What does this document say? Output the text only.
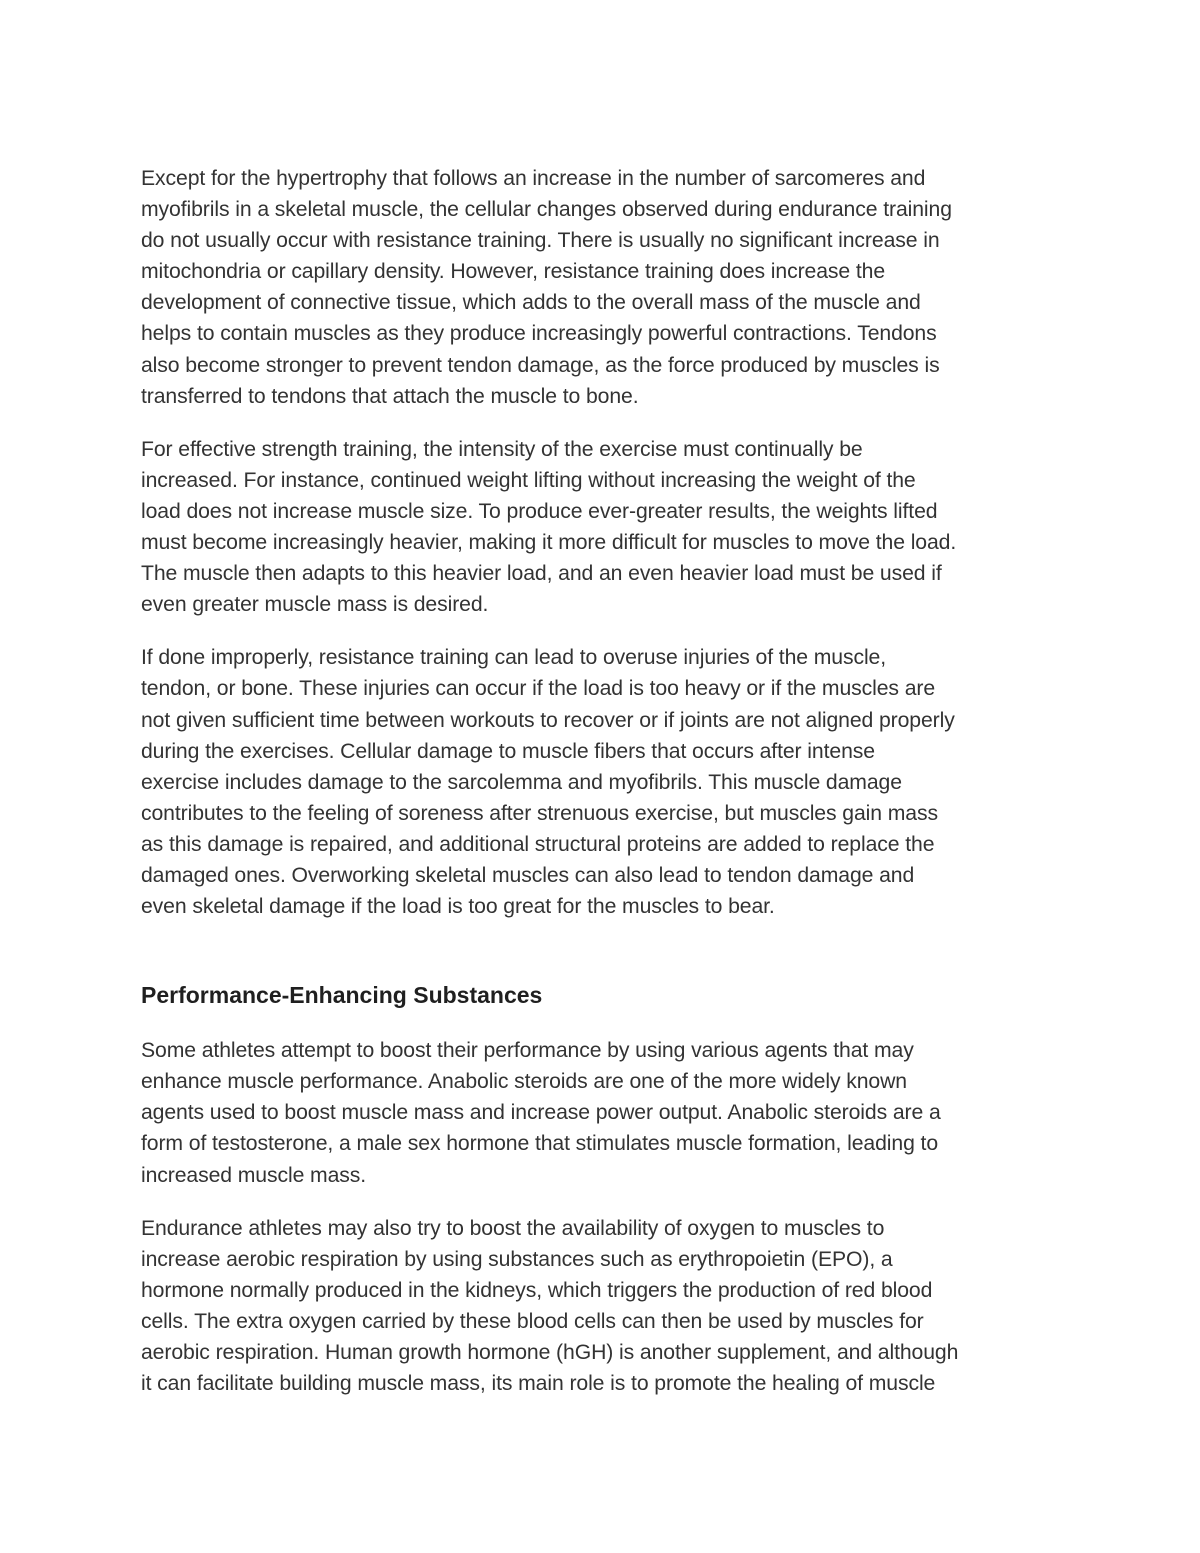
Except for the hypertrophy that follows an increase in the number of sarcomeres and
myofibrils in a skeletal muscle, the cellular changes observed during endurance training
do not usually occur with resistance training. There is usually no significant increase in
mitochondria or capillary density. However, resistance training does increase the
development of connective tissue, which adds to the overall mass of the muscle and
helps to contain muscles as they produce increasingly powerful contractions. Tendons
also become stronger to prevent tendon damage, as the force produced by muscles is
transferred to tendons that attach the muscle to bone.

For effective strength training, the intensity of the exercise must continually be
increased. For instance, continued weight lifting without increasing the weight of the
load does not increase muscle size. To produce ever-greater results, the weights lifted
must become increasingly heavier, making it more difficult for muscles to move the load.
The muscle then adapts to this heavier load, and an even heavier load must be used if
even greater muscle mass is desired.

If done improperly, resistance training can lead to overuse injuries of the muscle,
tendon, or bone. These injuries can occur if the load is too heavy or if the muscles are
not given sufficient time between workouts to recover or if joints are not aligned properly
during the exercises. Cellular damage to muscle fibers that occurs after intense
exercise includes damage to the sarcolemma and myofibrils. This muscle damage
contributes to the feeling of soreness after strenuous exercise, but muscles gain mass
as this damage is repaired, and additional structural proteins are added to replace the
damaged ones. Overworking skeletal muscles can also lead to tendon damage and
even skeletal damage if the load is too great for the muscles to bear.

Performance-Enhancing Substances

Some athletes attempt to boost their performance by using various agents that may
enhance muscle performance. Anabolic steroids are one of the more widely known
agents used to boost muscle mass and increase power output. Anabolic steroids are a
form of testosterone, a male sex hormone that stimulates muscle formation, leading to
increased muscle mass.

Endurance athletes may also try to boost the availability of oxygen to muscles to
increase aerobic respiration by using substances such as erythropoietin (EPO), a
hormone normally produced in the kidneys, which triggers the production of red blood
cells. The extra oxygen carried by these blood cells can then be used by muscles for
aerobic respiration. Human growth hormone (hGH) is another supplement, and although
it can facilitate building muscle mass, its main role is to promote the healing of muscle
